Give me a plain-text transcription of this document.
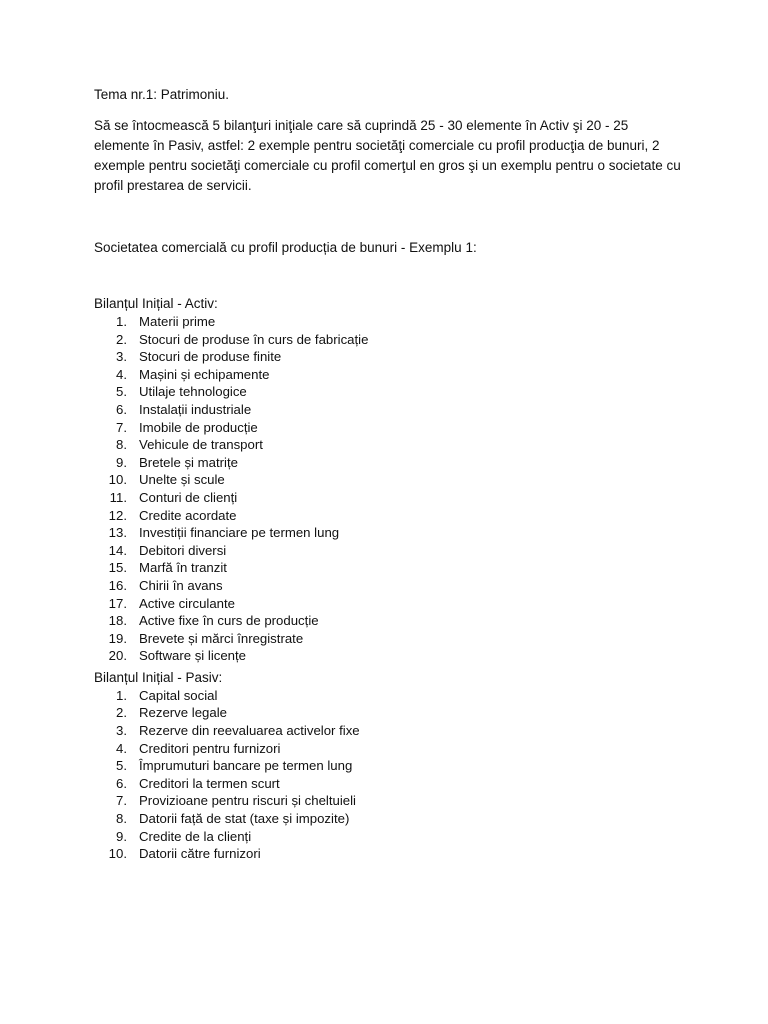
Tema nr.1: Patrimoniu.

Să se întocmească 5 bilanţuri iniţiale care să cuprindă 25 - 30 elemente în Activ şi 20 - 25 elemente în Pasiv, astfel: 2 exemple pentru societăţi comerciale cu profil producţia de bunuri, 2 exemple pentru societăţi comerciale cu profil comerţul en gros şi un exemplu pentru o societate cu profil prestarea de servicii.

Societatea comercială cu profil producția de bunuri - Exemplu 1:

Bilanțul Inițial - Activ:

1. Materii prime
2. Stocuri de produse în curs de fabricație
3. Stocuri de produse finite
4. Mașini și echipamente
5. Utilaje tehnologice
6. Instalații industriale
7. Imobile de producție
8. Vehicule de transport
9. Bretele și matrițe
10. Unelte și scule
11. Conturi de clienți
12. Credite acordate
13. Investiții financiare pe termen lung
14. Debitori diversi
15. Marfă în tranzit
16. Chirii în avans
17. Active circulante
18. Active fixe în curs de producție
19. Brevete și mărci înregistrate
20. Software și licențe

Bilanțul Inițial - Pasiv:

1. Capital social
2. Rezerve legale
3. Rezerve din reevaluarea activelor fixe
4. Creditori pentru furnizori
5. Împrumuturi bancare pe termen lung
6. Creditori la termen scurt
7. Provizioane pentru riscuri și cheltuieli
8. Datorii față de stat (taxe și impozite)
9. Credite de la clienți
10. Datorii către furnizori
